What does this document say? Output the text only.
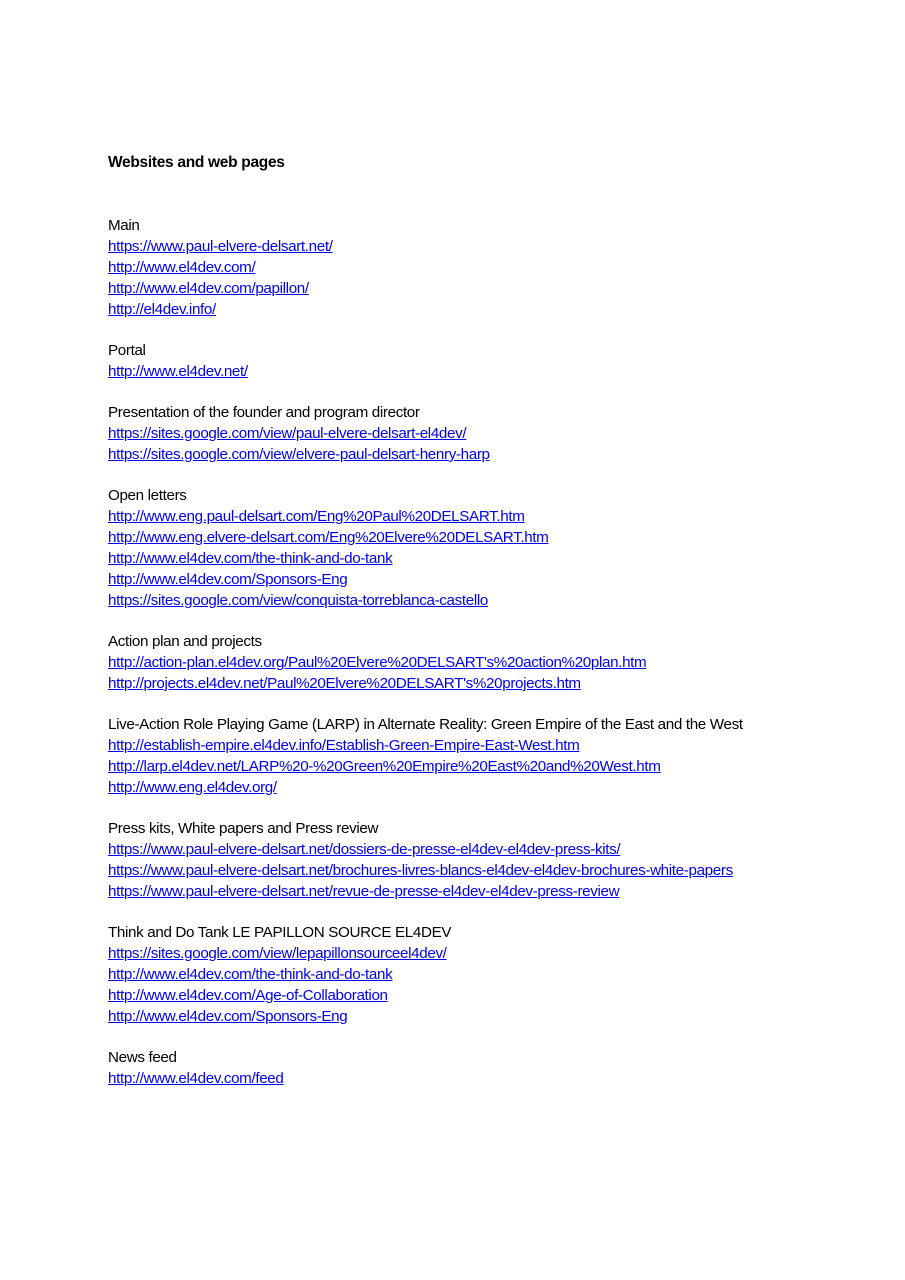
Websites and web pages
Main
https://www.paul-elvere-delsart.net/
http://www.el4dev.com/
http://www.el4dev.com/papillon/
http://el4dev.info/
Portal
http://www.el4dev.net/
Presentation of the founder and program director
https://sites.google.com/view/paul-elvere-delsart-el4dev/
https://sites.google.com/view/elvere-paul-delsart-henry-harp
Open letters
http://www.eng.paul-delsart.com/Eng%20Paul%20DELSART.htm
http://www.eng.elvere-delsart.com/Eng%20Elvere%20DELSART.htm
http://www.el4dev.com/the-think-and-do-tank
http://www.el4dev.com/Sponsors-Eng
https://sites.google.com/view/conquista-torreblanca-castello
Action plan and projects
http://action-plan.el4dev.org/Paul%20Elvere%20DELSART's%20action%20plan.htm
http://projects.el4dev.net/Paul%20Elvere%20DELSART's%20projects.htm
Live-Action Role Playing Game (LARP) in Alternate Reality: Green Empire of the East and the West
http://establish-empire.el4dev.info/Establish-Green-Empire-East-West.htm
http://larp.el4dev.net/LARP%20-%20Green%20Empire%20East%20and%20West.htm
http://www.eng.el4dev.org/
Press kits, White papers and Press review
https://www.paul-elvere-delsart.net/dossiers-de-presse-el4dev-el4dev-press-kits/
https://www.paul-elvere-delsart.net/brochures-livres-blancs-el4dev-el4dev-brochures-white-papers
https://www.paul-elvere-delsart.net/revue-de-presse-el4dev-el4dev-press-review
Think and Do Tank LE PAPILLON SOURCE EL4DEV
https://sites.google.com/view/lepapillonsourceel4dev/
http://www.el4dev.com/the-think-and-do-tank
http://www.el4dev.com/Age-of-Collaboration
http://www.el4dev.com/Sponsors-Eng
News feed
http://www.el4dev.com/feed
